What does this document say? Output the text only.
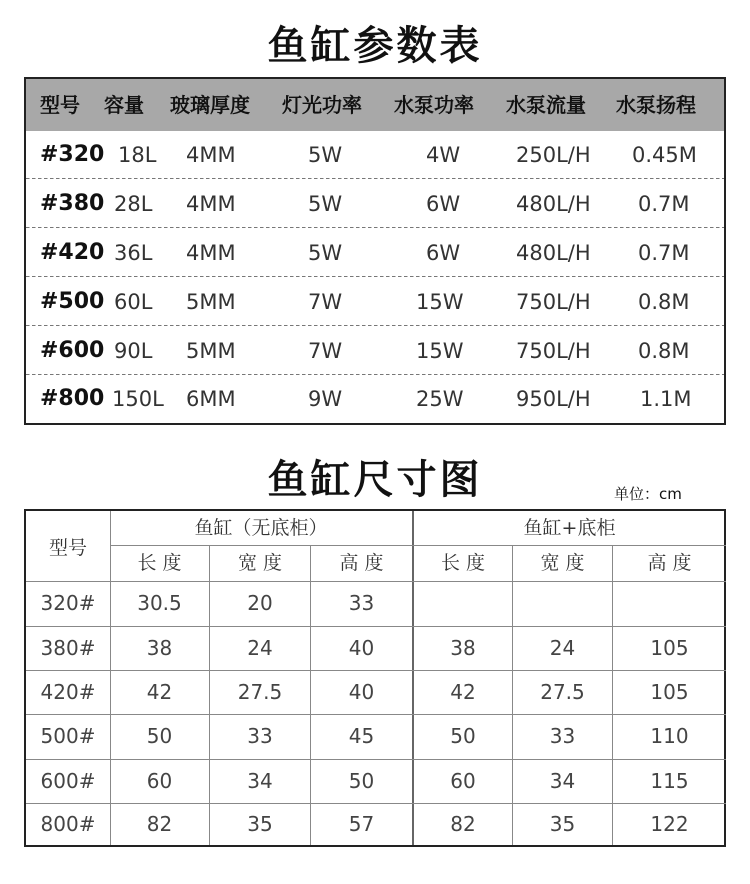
鱼缸参数表
型号 容量 玻璃厚度 灯光功率 水泵功率 水泵流量 水泵扬程
#320 18L 4MM	5W	4W	250L/H 0.45M
#380 28L 4MM	5W	6W	480L/H 0.7M
#420 36L 4MM	5W	6W	480L/H 0.7M
#500 60L 5MM	7W	15W	750L/H 0.8M
#600 90L 5MM	7W	15W	750L/H 0.8M
#800 150L 6MM	9W	25W	950L/H 1.1M
鱼缸尺寸图	单位：cm
型号
鱼缸（无底柜）	鱼缸+底柜
长 度	宽 度	高 度	长 度	宽 度	高 度
320#	30.5	20	33
380#	38	24	40	38	24	105
420#	42	27.5	40	42	27.5	105
500#	50	33	45	50	33	110
600#	60	34	50	60	34	115
800#	82	35	57	82	35	122
